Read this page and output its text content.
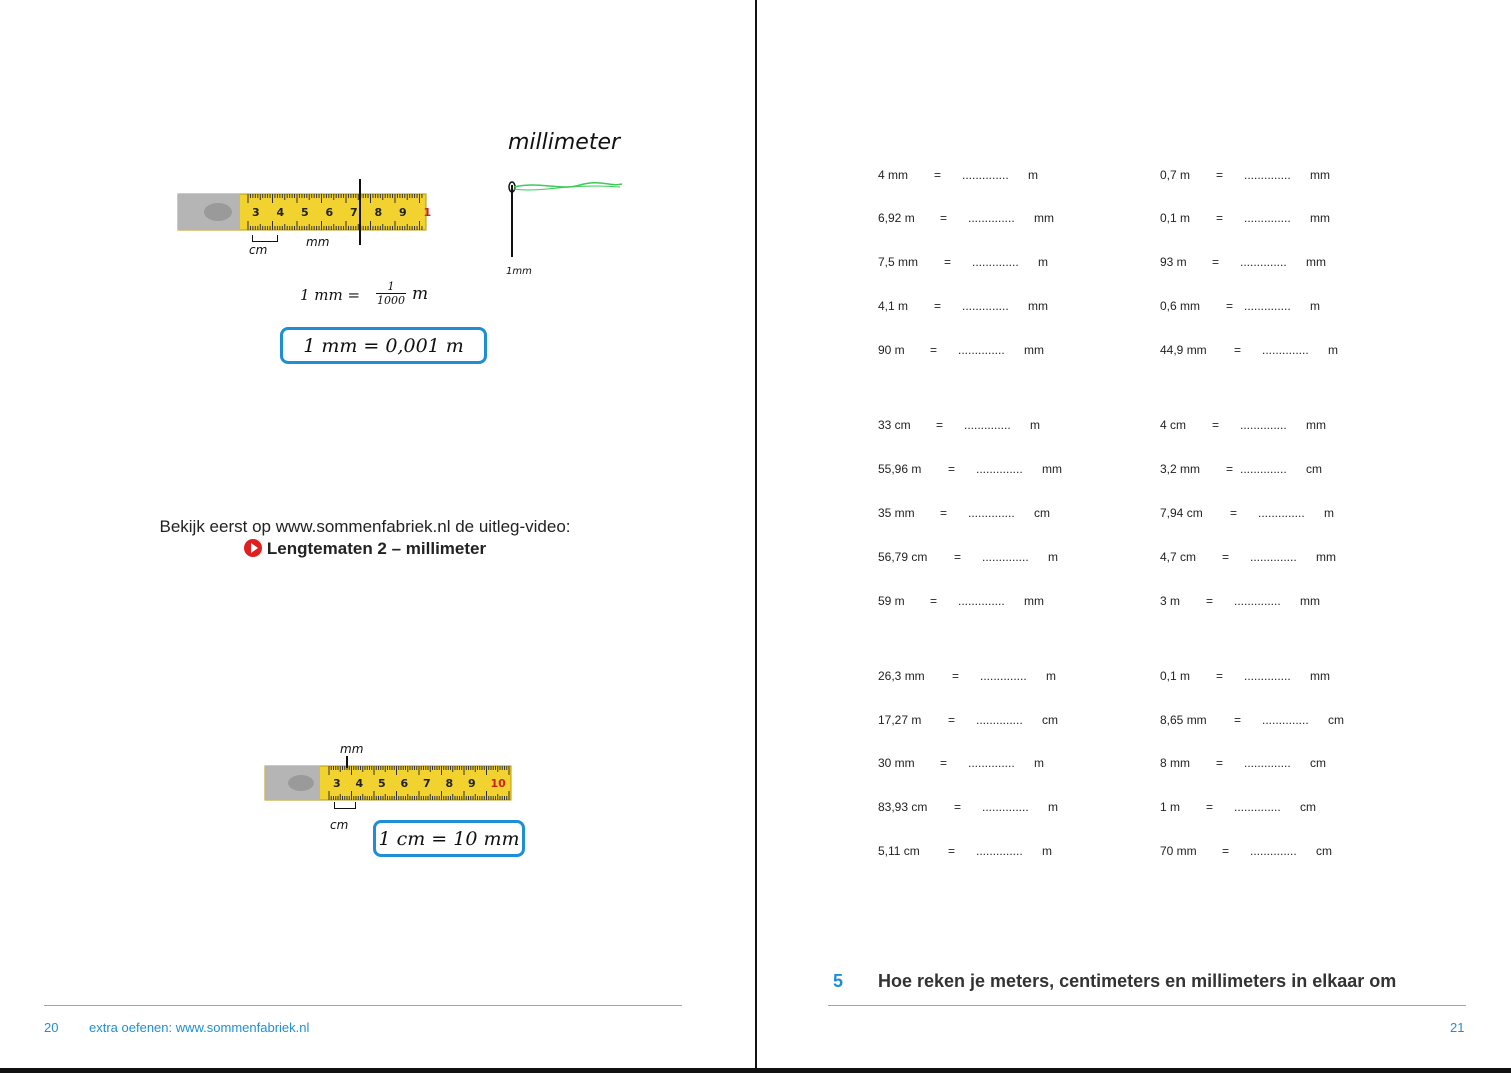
3 4 5 6 7 8 9 1
cm
mm
millimeter
1mm
1 mm = $\frac{1}{1000}$ m
1 mm = 0,001 m
Bekijk eerst op www.sommenfabriek.nl de uitleg-video:
Lengtematen 2 – millimeter
3 4 5 6 7 8 9 10
mm
cm
1 cm = 10 mm
20 extra oefenen: www.sommenfabriek.nl
4 mm = .............. m
6,92 m = .............. mm
7,5 mm = .............. m
4,1 m = .............. mm
90 m = .............. mm
33 cm = .............. m
55,96 m = .............. mm
35 mm = .............. cm
56,79 cm = .............. m
59 m = .............. mm
26,3 mm = .............. m
17,27 m = .............. cm
30 mm = .............. m
83,93 cm = .............. m
5,11 cm = .............. m
0,7 m = .............. mm
0,1 m = .............. mm
93 m = .............. mm
0,6 mm = .............. m
44,9 mm = .............. m
4 cm = .............. mm
3,2 mm = .............. cm
7,94 cm = .............. m
4,7 cm = .............. mm
3 m = .............. mm
0,1 m = .............. mm
8,65 mm = .............. cm
8 mm = .............. cm
1 m = .............. cm
70 mm = .............. cm
5 Hoe reken je meters, centimeters en millimeters in elkaar om
21
